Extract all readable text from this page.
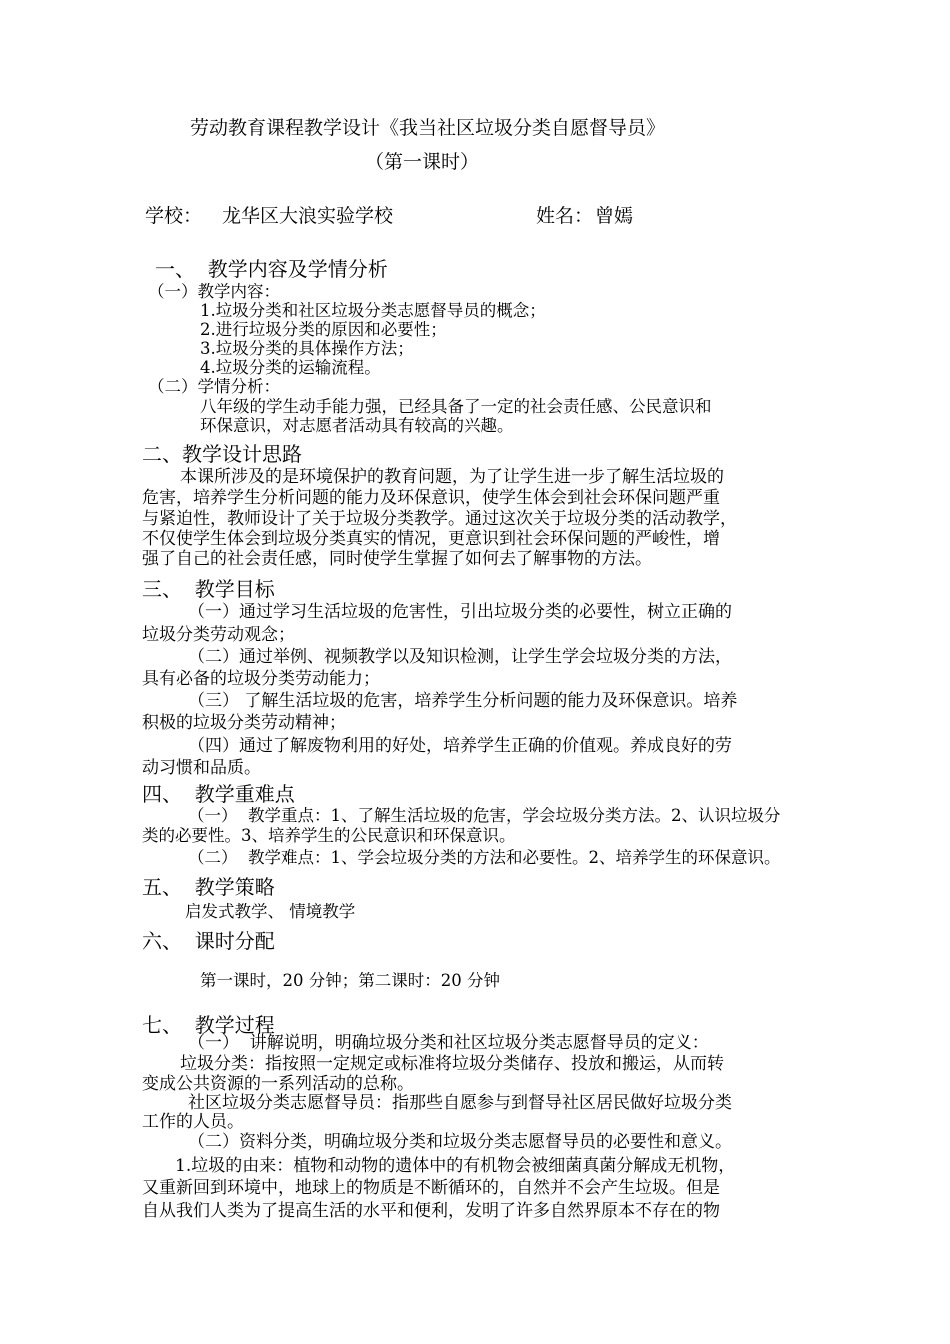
劳动教育课程教学设计《我当社区垃圾分类自愿督导员》
（第一课时）
学校： 龙华区大浪实验学校	姓名： 曾嫣
一、  教学内容及学情分析
（一）教学内容：
1.垃圾分类和社区垃圾分类志愿督导员的概念；
2.进行垃圾分类的原因和必要性；
3.垃圾分类的具体操作方法；
4.垃圾分类的运输流程。
（二）学情分析：
八年级的学生动手能力强，已经具备了一定的社会责任感、公民意识和
环保意识，对志愿者活动具有较高的兴趣。
二、教学设计思路
本课所涉及的是环境保护的教育问题，为了让学生进一步了解生活垃圾的
危害，培养学生分析问题的能力及环保意识，使学生体会到社会环保问题严重
与紧迫性，教师设计了关于垃圾分类教学。通过这次关于垃圾分类的活动教学，
不仅使学生体会到垃圾分类真实的情况，更意识到社会环保问题的严峻性，增
强了自己的社会责任感，同时使学生掌握了如何去了解事物的方法。
三、  教学目标
（一）通过学习生活垃圾的危害性，引出垃圾分类的必要性，树立正确的
垃圾分类劳动观念；
（二）通过举例、视频教学以及知识检测，让学生学会垃圾分类的方法，
具有必备的垃圾分类劳动能力；
（三） 了解生活垃圾的危害，培养学生分析问题的能力及环保意识。培养
积极的垃圾分类劳动精神；
（四）通过了解废物利用的好处，培养学生正确的价值观。养成良好的劳
动习惯和品质。
四、  教学重难点
（一）  教学重点：1、了解生活垃圾的危害，学会垃圾分类方法。2、认识垃圾分
类的必要性。3、培养学生的公民意识和环保意识。
（二）  教学难点：1、学会垃圾分类的方法和必要性。2、培养学生的环保意识。
五、  教学策略
启发式教学、 情境教学
六、  课时分配
第一课时，20 分钟；第二课时：20 分钟
七、  教学过程
（一）  讲解说明，明确垃圾分类和社区垃圾分类志愿督导员的定义：
垃圾分类：指按照一定规定或标准将垃圾分类储存、投放和搬运，从而转
变成公共资源的一系列活动的总称。
社区垃圾分类志愿督导员：指那些自愿参与到督导社区居民做好垃圾分类
工作的人员。
（二）资料分类，明确垃圾分类和垃圾分类志愿督导员的必要性和意义。
1.垃圾的由来：植物和动物的遗体中的有机物会被细菌真菌分解成无机物，
又重新回到环境中，地球上的物质是不断循环的，自然并不会产生垃圾。但是
自从我们人类为了提高生活的水平和便利，发明了许多自然界原本不存在的物
